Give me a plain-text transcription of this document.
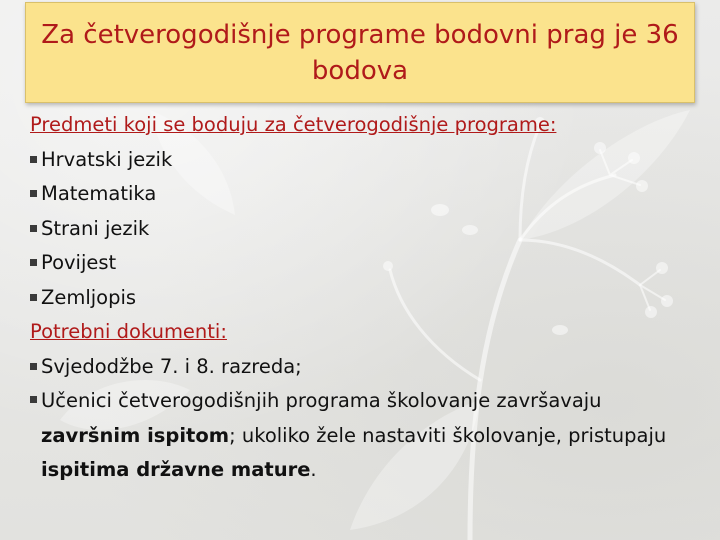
Za četverogodišnje programe bodovni prag je 36 bodova
Predmeti koji se boduju za četverogodišnje programe:
Hrvatski jezik
Matematika
Strani jezik
Povijest
Zemljopis
Potrebni dokumenti:
Svjedodžbe 7. i 8. razreda;
Učenici četverogodišnjih programa školovanje završavaju završnim ispitom; ukoliko žele nastaviti školovanje, pristupaju ispitima državne mature.
